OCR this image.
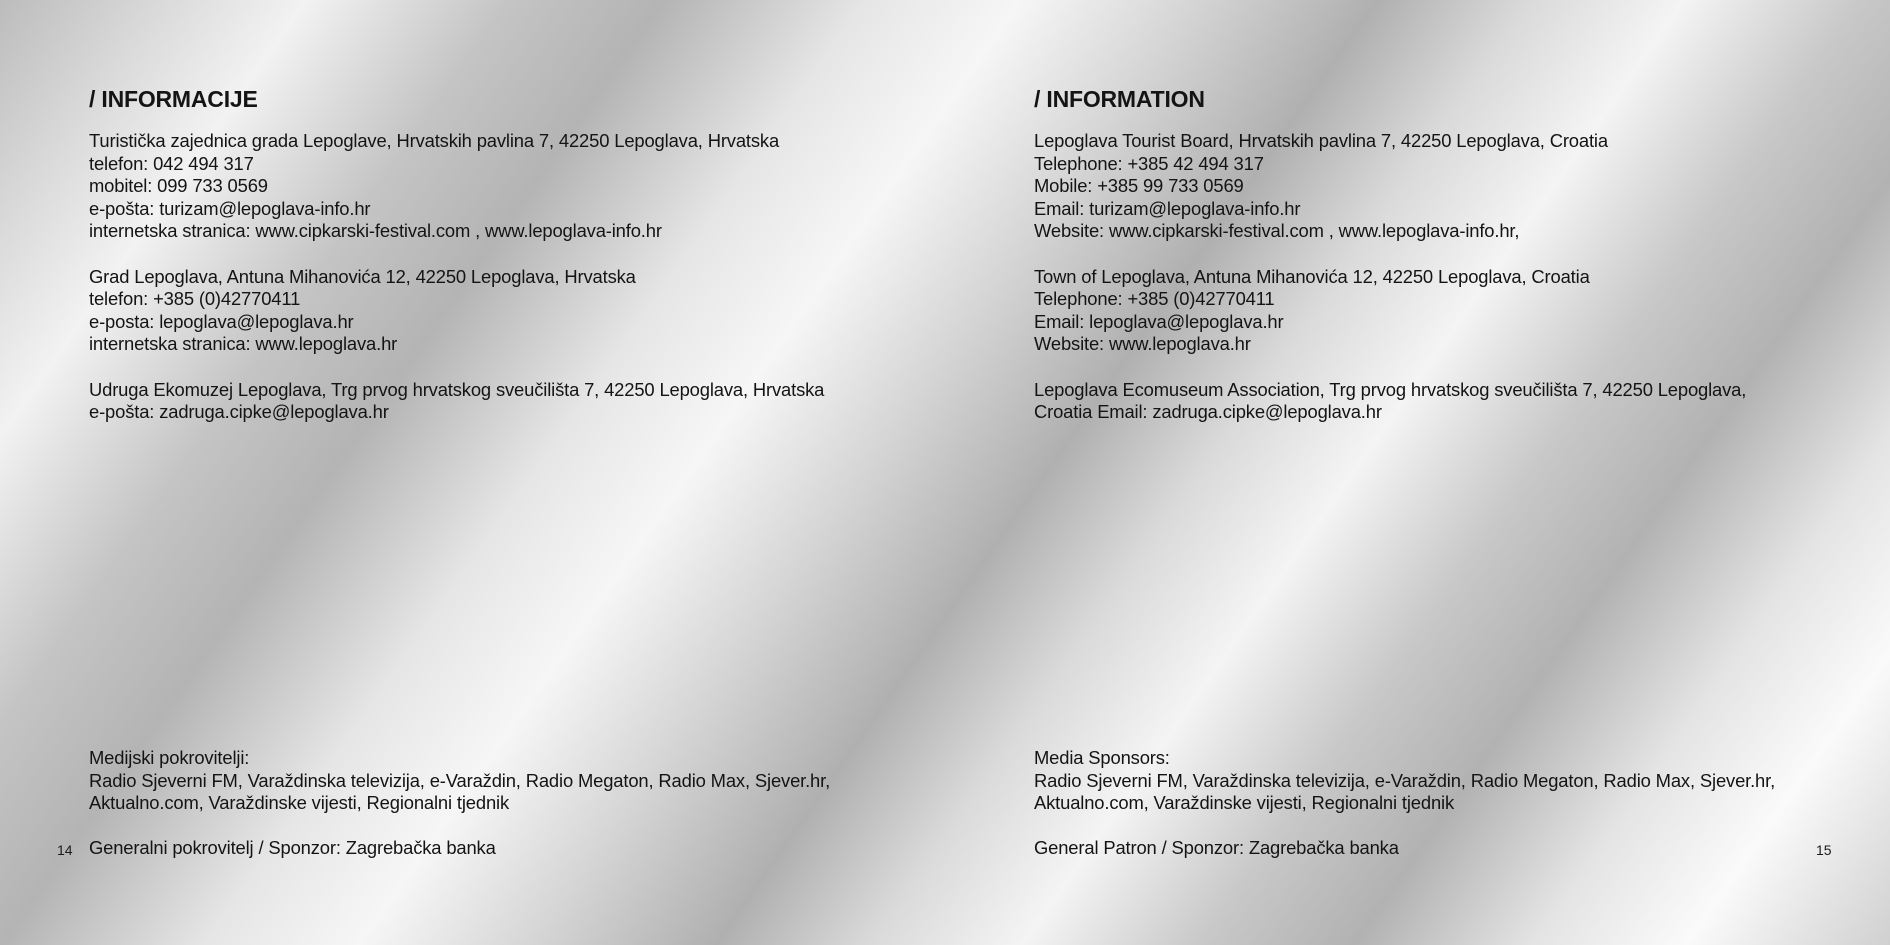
/ INFORMACIJE
Turistička zajednica grada Lepoglave, Hrvatskih pavlina 7, 42250 Lepoglava, Hrvatska
telefon: 042 494 317
mobitel: 099 733 0569
e-pošta: turizam@lepoglava-info.hr
internetska stranica: www.cipkarski-festival.com , www.lepoglava-info.hr
Grad Lepoglava, Antuna Mihanovića 12, 42250 Lepoglava, Hrvatska
telefon: +385 (0)42770411
e-posta: lepoglava@lepoglava.hr
internetska stranica: www.lepoglava.hr
Udruga Ekomuzej Lepoglava, Trg prvog hrvatskog sveučilišta 7, 42250 Lepoglava, Hrvatska
e-pošta: zadruga.cipke@lepoglava.hr
Medijski pokrovitelji:
Radio Sjeverni FM, Varaždinska televizija, e-Varaždin, Radio Megaton, Radio Max, Sjever.hr,
Aktualno.com, Varaždinske vijesti, Regionalni tjednik
Generalni pokrovitelj / Sponzor: Zagrebačka banka
14
/ INFORMATION
Lepoglava Tourist Board, Hrvatskih pavlina 7, 42250 Lepoglava, Croatia
Telephone: +385 42 494 317
Mobile: +385 99 733 0569
Email: turizam@lepoglava-info.hr
Website: www.cipkarski-festival.com , www.lepoglava-info.hr,
Town of Lepoglava, Antuna Mihanovića 12, 42250 Lepoglava, Croatia
Telephone: +385 (0)42770411
Email: lepoglava@lepoglava.hr
Website: www.lepoglava.hr
Lepoglava Ecomuseum Association, Trg prvog hrvatskog sveučilišta 7, 42250 Lepoglava,
Croatia Email: zadruga.cipke@lepoglava.hr
Media Sponsors:
Radio Sjeverni FM, Varaždinska televizija, e-Varaždin, Radio Megaton, Radio Max, Sjever.hr,
Aktualno.com, Varaždinske vijesti, Regionalni tjednik
General Patron / Sponzor: Zagrebačka banka	15
